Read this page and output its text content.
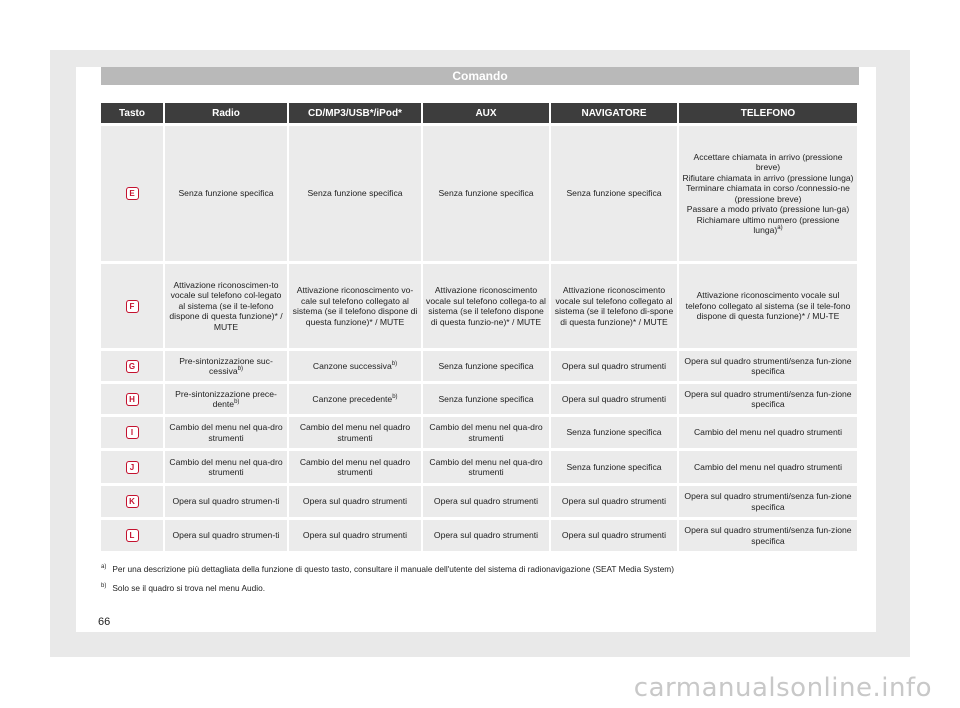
Comando
Tasto	Radio	CD/MP3/USB*/iPod*	AUX	NAVIGATORE	TELEFONO
E	Senza funzione specifica	Senza funzione specifica	Senza funzione specifica	Senza funzione specifica	Accettare chiamata in arrivo (pressione breve)
Rifiutare chiamata in arrivo (pressione lunga)
Terminare chiamata in corso /connessio-ne (pressione breve)
Passare a modo privato (pressione lun-ga)
Richiamare ultimo numero (pressione lunga)$^{a)}$
F	Attivazione riconoscimen-to vocale sul telefono col-legato al sistema (se il te-lefono dispone di questa funzione)* / MUTE	Attivazione riconoscimento vo-cale sul telefono collegato al sistema (se il telefono dispone di questa funzione)* / MUTE	Attivazione riconoscimento vocale sul telefono collega-to al sistema (se il telefono dispone di questa funzio-ne)* / MUTE	Attivazione riconoscimento vocale sul telefono collegato al sistema (se il telefono di-spone di questa funzione)* / MUTE	Attivazione riconoscimento vocale sul telefono collegato al sistema (se il tele-fono dispone di questa funzione)* / MU-TE
G	Pre-sintonizzazione suc-cessiva$^{b)}$	Canzone successiva$^{b)}$	Senza funzione specifica	Opera sul quadro strumenti	Opera sul quadro strumenti/senza fun-zione specifica
H	Pre-sintonizzazione prece-dente$^{b)}$	Canzone precedente$^{b)}$	Senza funzione specifica	Opera sul quadro strumenti	Opera sul quadro strumenti/senza fun-zione specifica
I	Cambio del menu nel qua-dro strumenti	Cambio del menu nel quadro strumenti	Cambio del menu nel qua-dro strumenti	Senza funzione specifica	Cambio del menu nel quadro strumenti
J	Cambio del menu nel qua-dro strumenti	Cambio del menu nel quadro strumenti	Cambio del menu nel qua-dro strumenti	Senza funzione specifica	Cambio del menu nel quadro strumenti
K	Opera sul quadro strumen-ti	Opera sul quadro strumenti	Opera sul quadro strumenti	Opera sul quadro strumenti	Opera sul quadro strumenti/senza fun-zione specifica
L	Opera sul quadro strumen-ti	Opera sul quadro strumenti	Opera sul quadro strumenti	Opera sul quadro strumenti	Opera sul quadro strumenti/senza fun-zione specifica
$^{a)}$ Per una descrizione più dettagliata della funzione di questo tasto, consultare il manuale dell'utente del sistema di radionavigazione (SEAT Media System)
$^{b)}$ Solo se il quadro si trova nel menu Audio.
66
carmanualsonline.info
